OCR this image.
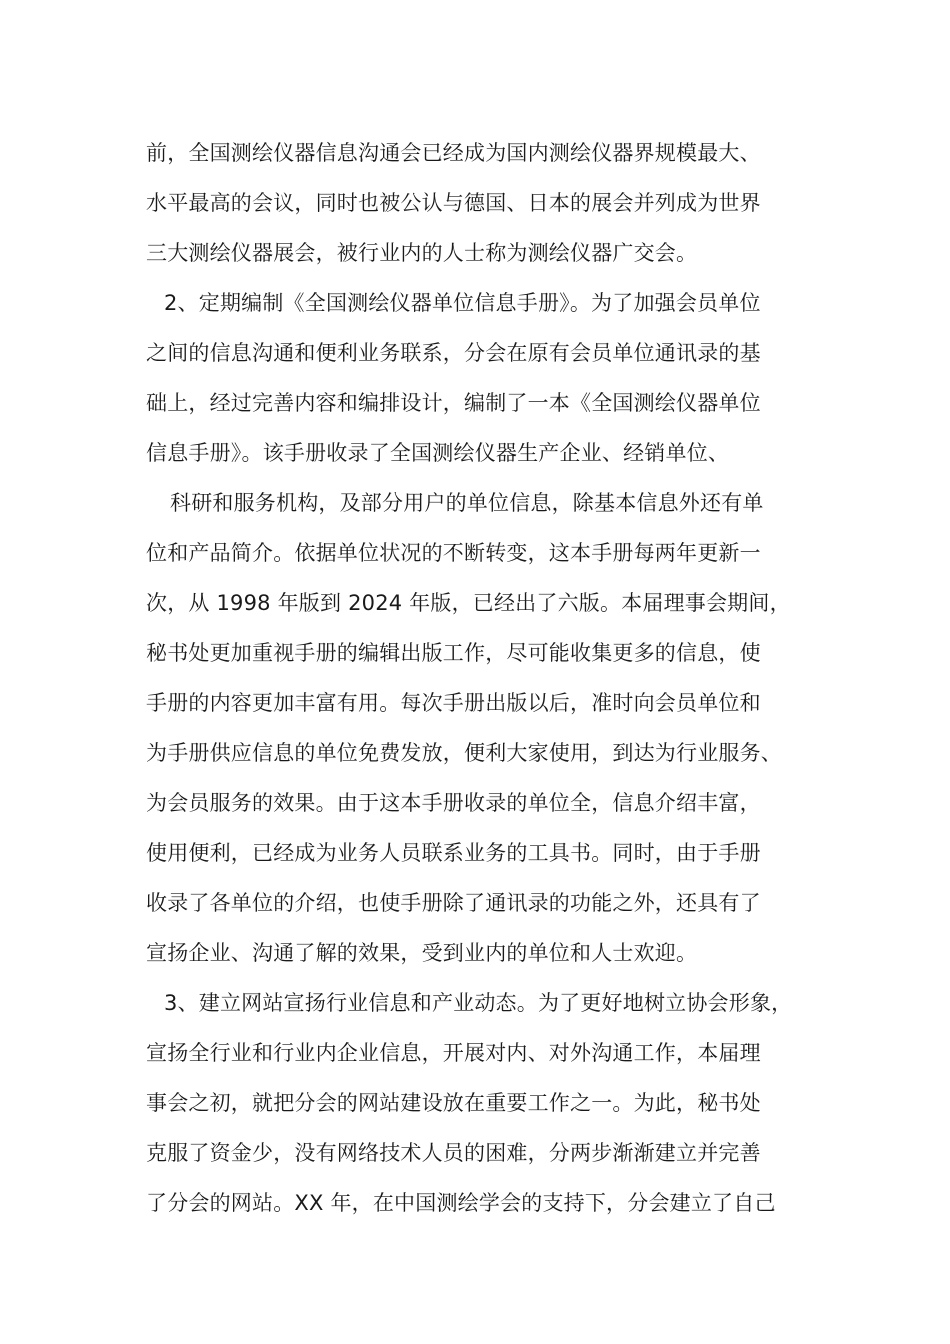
前，全国测绘仪器信息沟通会已经成为国内测绘仪器界规模最大、
水平最高的会议，同时也被公认与德国、日本的展会并列成为世界
三大测绘仪器展会，被行业内的人士称为测绘仪器广交会。
2、定期编制《全国测绘仪器单位信息手册》。为了加强会员单位
之间的信息沟通和便利业务联系，分会在原有会员单位通讯录的基
础上，经过完善内容和编排设计，编制了一本《全国测绘仪器单位
信息手册》。该手册收录了全国测绘仪器生产企业、经销单位、
科研和服务机构，及部分用户的单位信息，除基本信息外还有单
位和产品简介。依据单位状况的不断转变，这本手册每两年更新一
次，从 1998 年版到 2024 年版，已经出了六版。本届理事会期间，
秘书处更加重视手册的编辑出版工作，尽可能收集更多的信息，使
手册的内容更加丰富有用。每次手册出版以后，准时向会员单位和
为手册供应信息的单位免费发放，便利大家使用，到达为行业服务、
为会员服务的效果。由于这本手册收录的单位全，信息介绍丰富，
使用便利，已经成为业务人员联系业务的工具书。同时，由于手册
收录了各单位的介绍，也使手册除了通讯录的功能之外，还具有了
宣扬企业、沟通了解的效果，受到业内的单位和人士欢迎。
3、建立网站宣扬行业信息和产业动态。为了更好地树立协会形象，
宣扬全行业和行业内企业信息，开展对内、对外沟通工作，本届理
事会之初，就把分会的网站建设放在重要工作之一。为此，秘书处
克服了资金少，没有网络技术人员的困难，分两步渐渐建立并完善
了分会的网站。XX 年，在中国测绘学会的支持下，分会建立了自己
